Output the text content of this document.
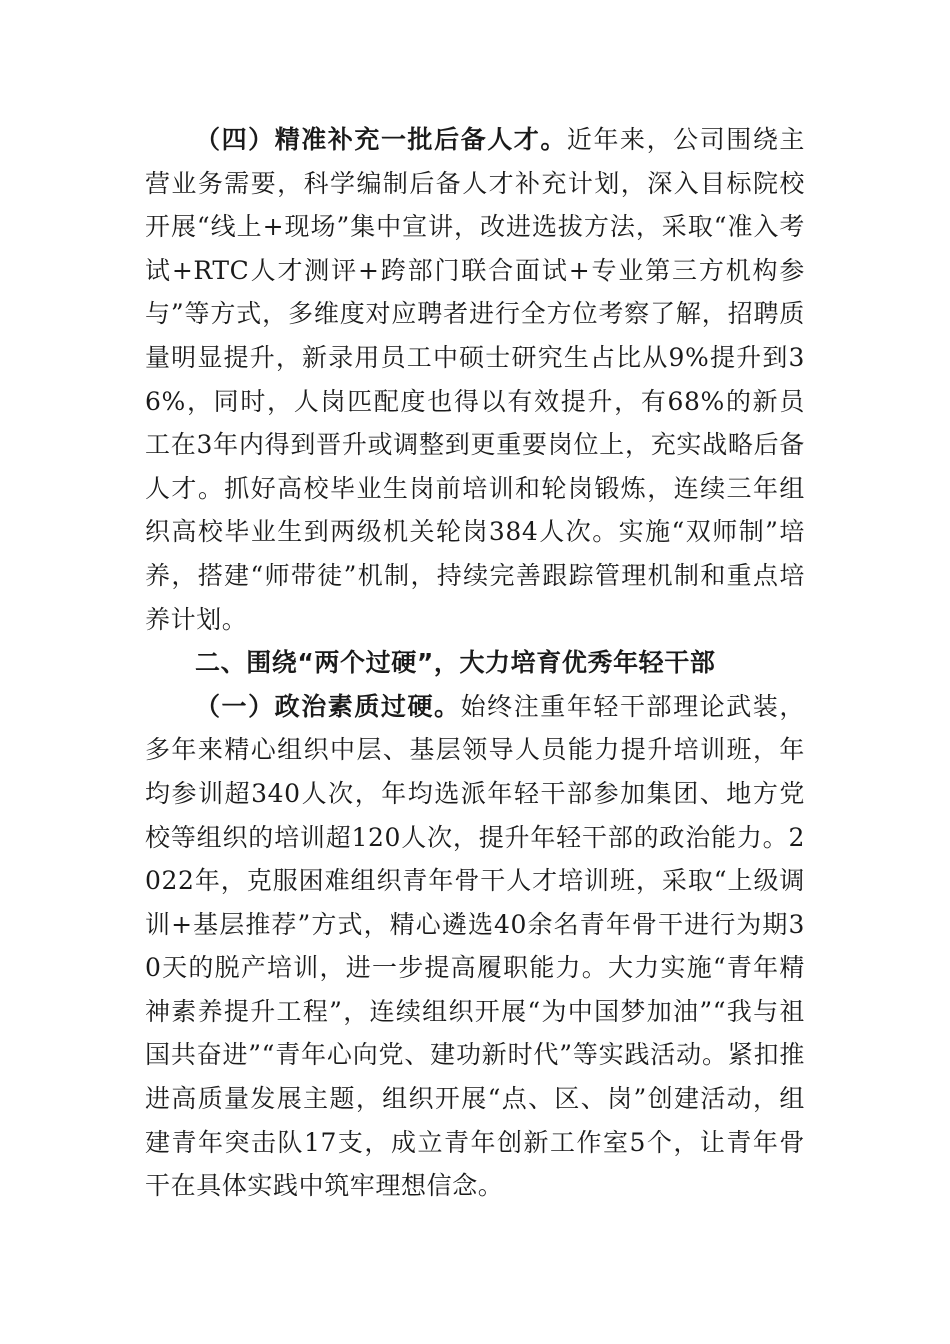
（四）精准补充一批后备人才。近年来，公司围绕主营业务需要，科学编制后备人才补充计划，深入目标院校开展“线上+现场”集中宣讲，改进选拔方法，采取“准入考试+RTC人才测评+跨部门联合面试+专业第三方机构参与”等方式，多维度对应聘者进行全方位考察了解，招聘质量明显提升，新录用员工中硕士研究生占比从9%提升到36%，同时，人岗匹配度也得以有效提升，有68%的新员工在3年内得到晋升或调整到更重要岗位上，充实战略后备人才。抓好高校毕业生岗前培训和轮岗锻炼，连续三年组织高校毕业生到两级机关轮岗384人次。实施“双师制”培养，搭建“师带徒”机制，持续完善跟踪管理机制和重点培养计划。

二、围绕“两个过硬”，大力培育优秀年轻干部

（一）政治素质过硬。始终注重年轻干部理论武装，多年来精心组织中层、基层领导人员能力提升培训班，年均参训超340人次，年均选派年轻干部参加集团、地方党校等组织的培训超120人次，提升年轻干部的政治能力。2022年，克服困难组织青年骨干人才培训班，采取“上级调训+基层推荐”方式，精心遴选40余名青年骨干进行为期30天的脱产培训，进一步提高履职能力。大力实施“青年精神素养提升工程”，连续组织开展“为中国梦加油”“我与祖国共奋进”“青年心向党、建功新时代”等实践活动。紧扣推进高质量发展主题，组织开展“点、区、岗”创建活动，组建青年突击队17支，成立青年创新工作室5个，让青年骨干在具体实践中筑牢理想信念。
